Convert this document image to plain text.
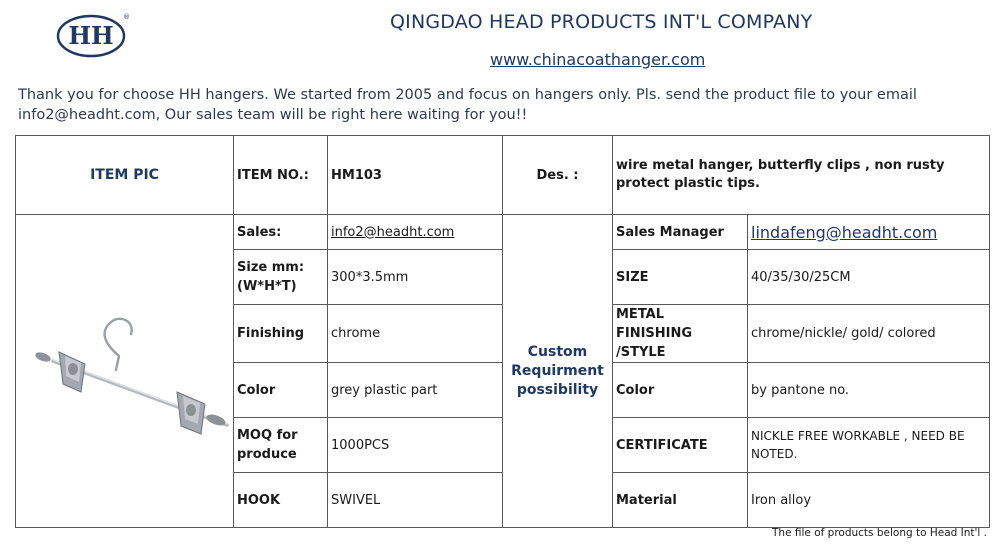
HH
®	QINGDAO HEAD PRODUCTS INT'L COMPANY
www.chinacoathanger.com

Thank you for choose HH hangers. We started from 2005 and focus on hangers only. Pls. send the product file to your email

info2@headht.com, Our sales team will be right here waiting for you!!

ITEM PIC	ITEM NO.:	HM103	Des. :	wire metal hanger, butterfly clips , non rusty protect plastic tips.	
	Sales:	info2@headht.com	Custom Requirment possibility	Sales Manager	lindafeng@headht.com
	Size mm: (W*H*T)	300*3.5mm		SIZE	40/35/30/25CM
	Finishing	chrome		METAL FINISHING /STYLE	chrome/nickle/ gold/ colored
	Color	grey plastic part		Color	by pantone no.
	MOQ for produce	1000PCS		CERTIFICATE	NICKLE FREE WORKABLE , NEED BE NOTED.
	HOOK	SWIVEL		Material	Iron alloy
The file of products belong to Head Int'l .
